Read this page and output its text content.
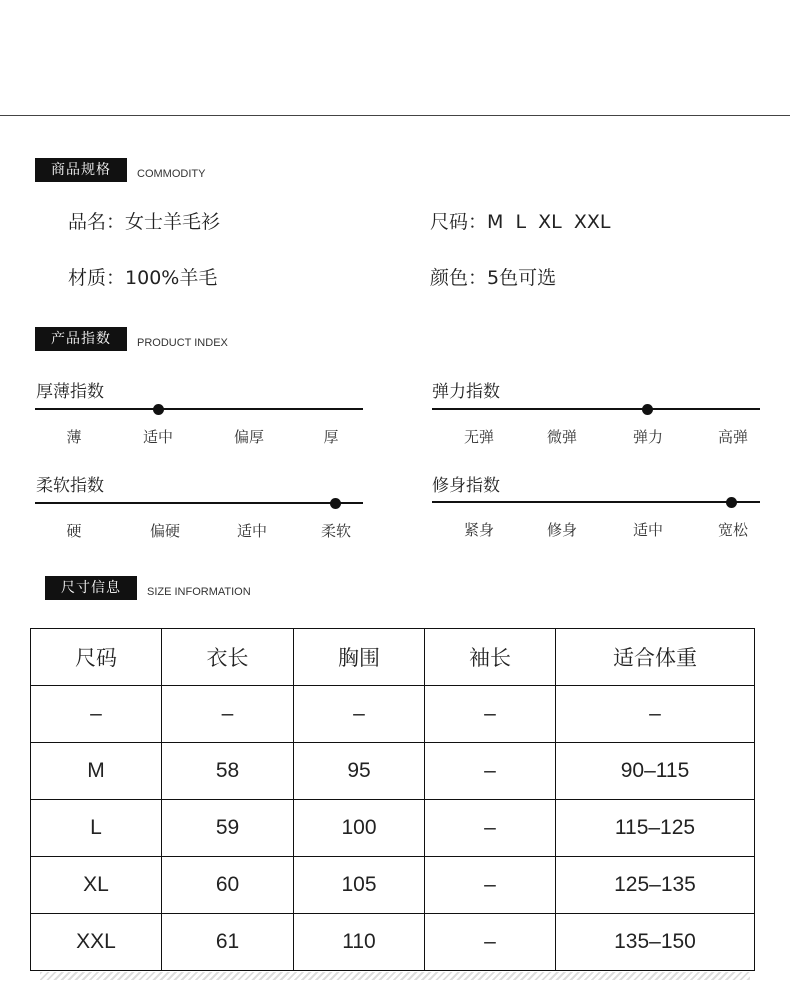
商品规格	COMMODITY
品名：女士羊毛衫	尺码：M  L  XL  XXL
材质：100%羊毛	颜色：5色可选
产品指数	PRODUCT INDEX
厚薄指数
薄	适中	偏厚	厚
弹力指数
无弹	微弹	弹力	高弹
柔软指数
硬	偏硬	适中	柔软
修身指数
紧身	修身	适中	宽松
尺寸信息	SIZE INFORMATION
尺码	衣长	胸围	袖长	适合体重
–	–	–	–	–
M	58	95	–	90–115
L	59	100	–	115–125
XL	60	105	–	125–135
XXL	61	110	–	135–150
